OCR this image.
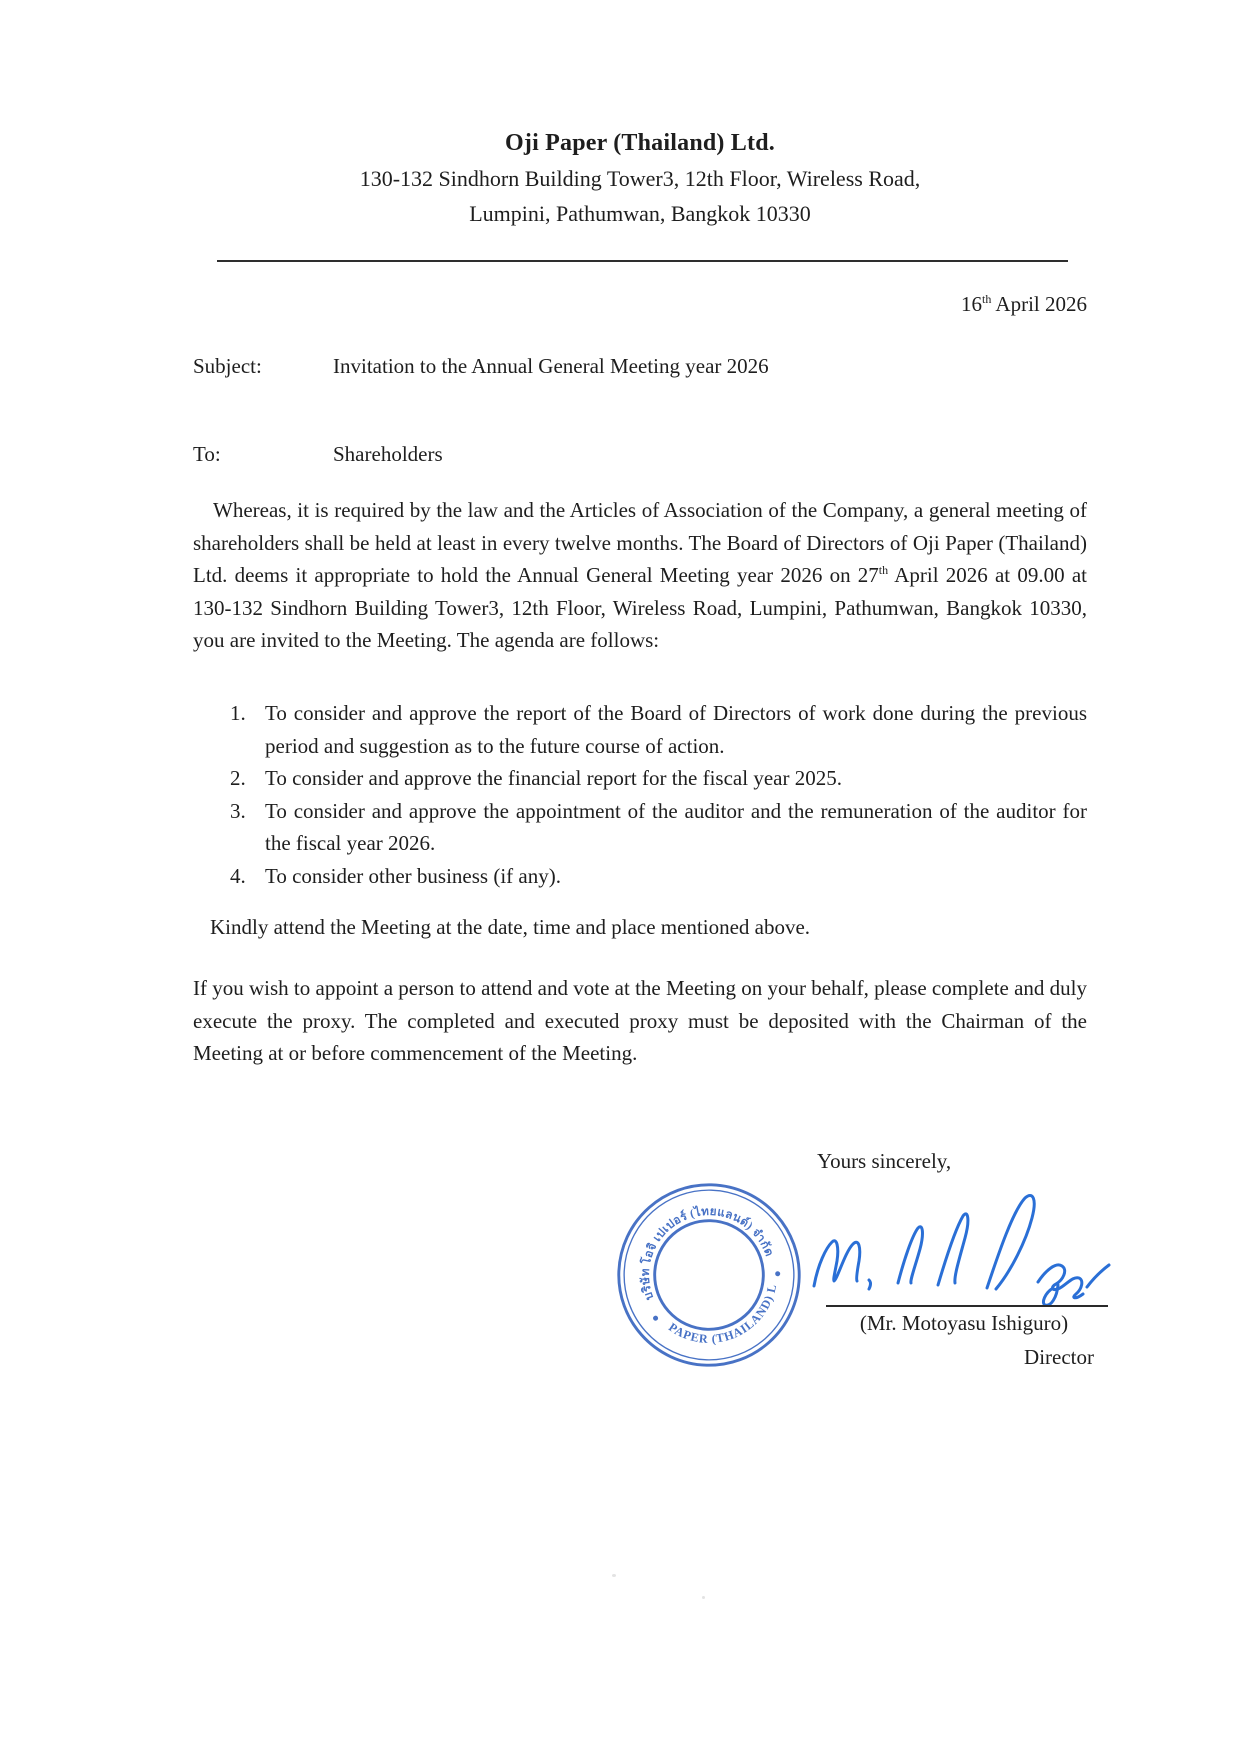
Oji Paper (Thailand) Ltd.
130-132 Sindhorn Building Tower3, 12th Floor, Wireless Road,
Lumpini, Pathumwan, Bangkok 10330
16th April 2026
Subject:	Invitation to the Annual General Meeting year 2026
To:	Shareholders
Whereas, it is required by the law and the Articles of Association of the Company, a general meeting of shareholders shall be held at least in every twelve months. The Board of Directors of Oji Paper (Thailand) Ltd. deems it appropriate to hold the Annual General Meeting year 2026 on 27th April 2026 at 09.00 at 130-132 Sindhorn Building Tower3, 12th Floor, Wireless Road, Lumpini, Pathumwan, Bangkok 10330, you are invited to the Meeting. The agenda are follows:
1. To consider and approve the report of the Board of Directors of work done during the previous period and suggestion as to the future course of action.
2. To consider and approve the financial report for the fiscal year 2025.
3. To consider and approve the appointment of the auditor and the remuneration of the auditor for the fiscal year 2026.
4. To consider other business (if any).
Kindly attend the Meeting at the date, time and place mentioned above.
If you wish to appoint a person to attend and vote at the Meeting on your behalf, please complete and duly execute the proxy. The completed and executed proxy must be deposited with the Chairman of the Meeting at or before commencement of the Meeting.
Yours sincerely,
บริษัท โอจิ เปเปอร์ (ไทยแลนด์) จำกัด
OJI PAPER (THAILAND) LTD.
(Mr. Motoyasu Ishiguro)
Director
